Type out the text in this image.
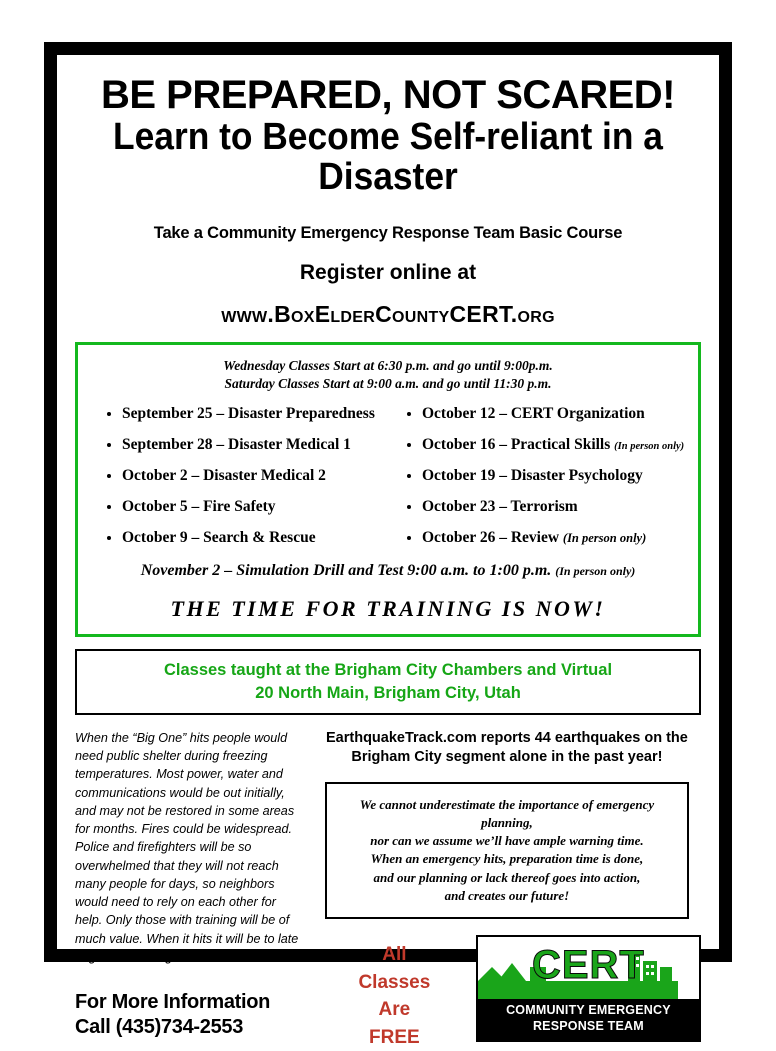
BE PREPARED, NOT SCARED!
Learn to Become Self-reliant in a Disaster
Take a Community Emergency Response Team Basic Course
Register online at
www.BoxElderCountyCERT.org
Wednesday Classes Start at 6:30 p.m. and go until 9:00p.m.
Saturday Classes Start at 9:00 a.m. and go until 11:30 p.m.
• September 25 – Disaster Preparedness
• September 28 – Disaster Medical 1
• October 2 – Disaster Medical 2
• October 5 – Fire Safety
• October 9 – Search & Rescue
• October 12 – CERT Organization
• October 16 – Practical Skills (In person only)
• October 19 – Disaster Psychology
• October 23 – Terrorism
• October 26 – Review (In person only)
November 2 – Simulation Drill and Test 9:00 a.m. to 1:00 p.m. (In person only)
THE TIME FOR TRAINING IS NOW!
Classes taught at the Brigham City Chambers and Virtual
20 North Main, Brigham City, Utah
When the “Big One” hits people would need public shelter during freezing temperatures. Most power, water and communications would be out initially, and may not be restored in some areas for months. Fires could be widespread. Police and firefighters will be so overwhelmed that they will not reach many people for days, so neighbors would need to rely on each other for help. Only those with training will be of much value. When it hits it will be to late to get the training.
For More Information
Call (435)734-2553
EarthquakeTrack.com reports 44 earthquakes on the
Brigham City segment alone in the past year!
We cannot underestimate the importance of emergency planning,
nor can we assume we’ll have ample warning time.
When an emergency hits, preparation time is done,
and our planning or lack thereof goes into action,
and creates our future!
All
Classes
Are
FREE
CERT
COMMUNITY EMERGENCY
RESPONSE TEAM
